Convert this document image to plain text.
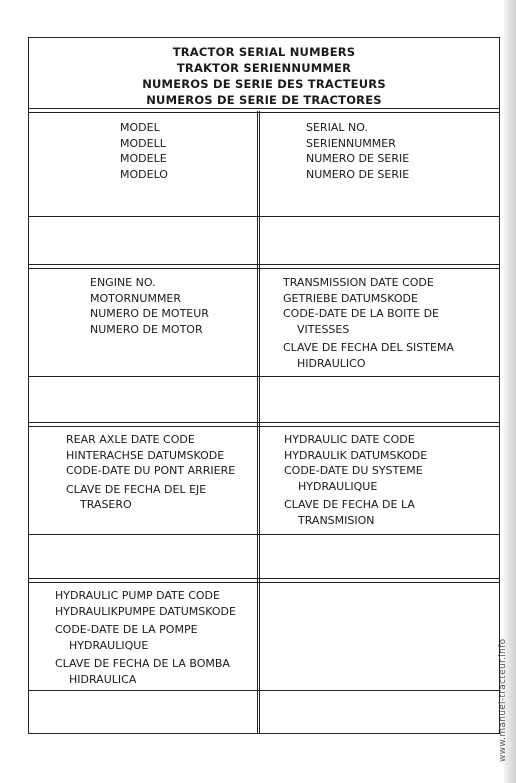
TRACTOR SERIAL NUMBERS
TRAKTOR SERIENNUMMER
NUMEROS DE SERIE DES TRACTEURS
NUMEROS DE SERIE DE TRACTORES
MODEL
MODELL
MODELE
MODELO
SERIAL NO.
SERIENNUMMER
NUMERO DE SERIE
NUMERO DE SERIE
ENGINE NO.
MOTORNUMMER
NUMERO DE MOTEUR
NUMERO DE MOTOR
TRANSMISSION DATE CODE
GETRIEBE DATUMSKODE
CODE-DATE DE LA BOITE DE
VITESSES
CLAVE DE FECHA DEL SISTEMA
HIDRAULICO
REAR AXLE DATE CODE
HINTERACHSE DATUMSKODE
CODE-DATE DU PONT ARRIERE
CLAVE DE FECHA DEL EJE
TRASERO
HYDRAULIC DATE CODE
HYDRAULIK DATUMSKODE
CODE-DATE DU SYSTEME
HYDRAULIQUE
CLAVE DE FECHA DE LA
TRANSMISION
HYDRAULIC PUMP DATE CODE
HYDRAULIKPUMPE DATUMSKODE
CODE-DATE DE LA POMPE
HYDRAULIQUE
CLAVE DE FECHA DE LA BOMBA
HIDRAULICA	www.manuel-tracteur.info
